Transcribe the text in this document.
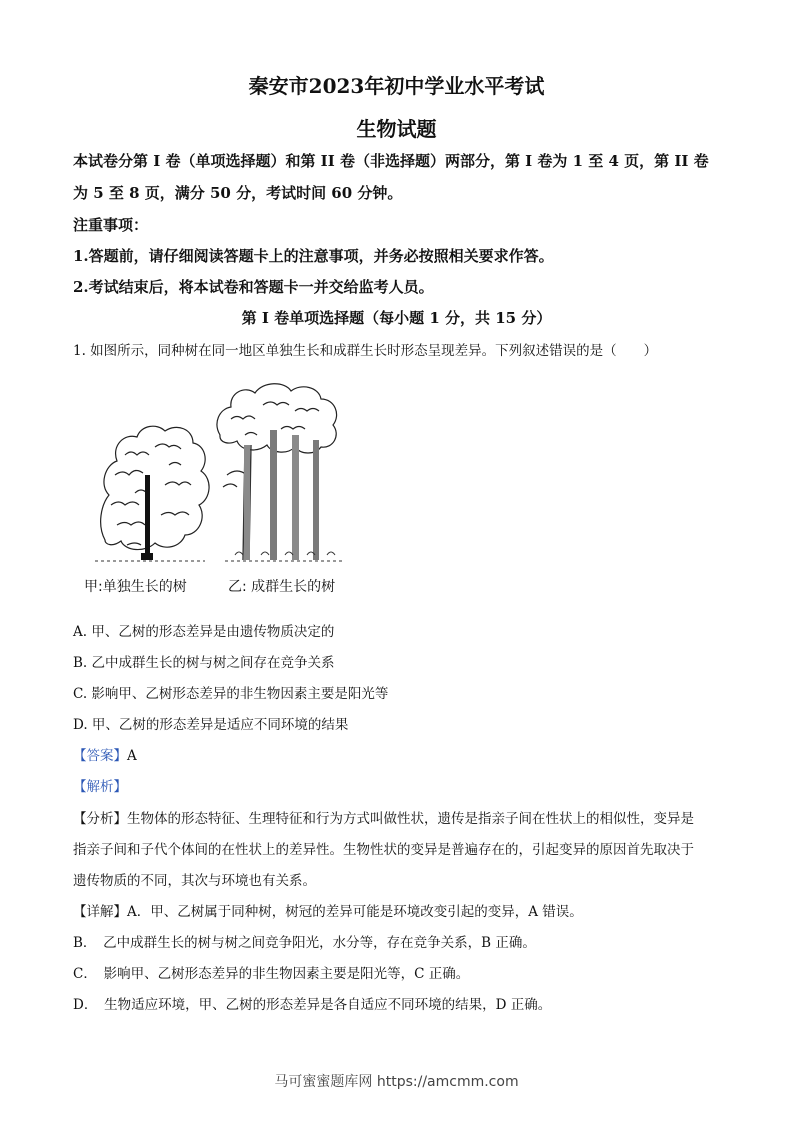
秦安市2023年初中学业水平考试
生物试题
本试卷分第 I 卷（单项选择题）和第 II 卷（非选择题）两部分，第 I 卷为 1 至 4 页，第 II 卷
为 5 至 8 页，满分 50 分，考试时间 60 分钟。
注重事项：
1.答题前，请仔细阅读答题卡上的注意事项，并务必按照相关要求作答。
2.考试结束后，将本试卷和答题卡一并交给监考人员。
第 I 卷单项选择题（每小题 1 分，共 15 分）
1. 如图所示，同种树在同一地区单独生长和成群生长时形态呈现差异。下列叙述错误的是（　　）
甲:单独生长的树	乙: 成群生长的树
A. 甲、乙树的形态差异是由遗传物质决定的
B. 乙中成群生长的树与树之间存在竞争关系
C. 影响甲、乙树形态差异的非生物因素主要是阳光等
D. 甲、乙树的形态差异是适应不同环境的结果
【答案】A
【解析】
【分析】生物体的形态特征、生理特征和行为方式叫做性状，遗传是指亲子间在性状上的相似性，变异是
指亲子间和子代个体间的在性状上的差异性。生物性状的变异是普遍存在的，引起变异的原因首先取决于
遗传物质的不同，其次与环境也有关系。
【详解】A．甲、乙树属于同种树，树冠的差异可能是环境改变引起的变异，A 错误。
B．　乙中成群生长的树与树之间竞争阳光，水分等，存在竞争关系，B 正确。
C．　影响甲、乙树形态差异的非生物因素主要是阳光等，C 正确。
D．　生物适应环境，甲、乙树的形态差异是各自适应不同环境的结果，D 正确。
马可蜜蜜题库网 https://amcmm.com
